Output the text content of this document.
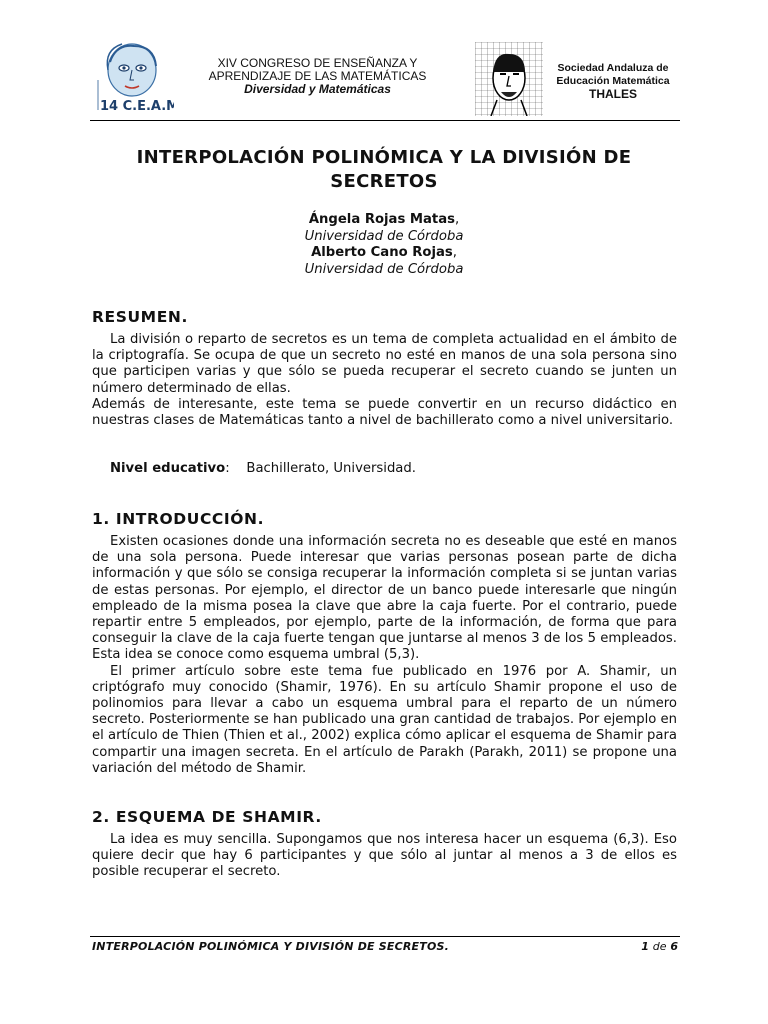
14 C.E.A.M
XIV CONGRESO DE ENSEÑANZA Y
APRENDIZAJE DE LAS MATEMÁTICAS
Diversidad y Matemáticas
Sociedad Andaluza de
Educación Matemática
THALES
INTERPOLACIÓN POLINÓMICA Y LA DIVISIÓN DE
SECRETOS
Ángela Rojas Matas,
Universidad de Córdoba
Alberto Cano Rojas,
Universidad de Córdoba
RESUMEN.

La división o reparto de secretos es un tema de completa actualidad en el ámbito de la criptografía. Se ocupa de que un secreto no esté en manos de una sola persona sino que participen varias y que sólo se pueda recuperar el secreto cuando se junten un número determinado de ellas.

Además de interesante, este tema se puede convertir en un recurso didáctico en nuestras clases de Matemáticas tanto a nivel de bachillerato como a nivel universitario.

Nivel educativo: Bachillerato, Universidad.
1. INTRODUCCIÓN.

Existen ocasiones donde una información secreta no es deseable que esté en manos de una sola persona. Puede interesar que varias personas posean parte de dicha información y que sólo se consiga recuperar la información completa si se juntan varias de estas personas. Por ejemplo, el director de un banco puede interesarle que ningún empleado de la misma posea la clave que abre la caja fuerte. Por el contrario, puede repartir entre 5 empleados, por ejemplo, parte de la información, de forma que para conseguir la clave de la caja fuerte tengan que juntarse al menos 3 de los 5 empleados. Esta idea se conoce como esquema umbral (5,3).

El primer artículo sobre este tema fue publicado en 1976 por A. Shamir, un criptógrafo muy conocido (Shamir, 1976). En su artículo Shamir propone el uso de polinomios para llevar a cabo un esquema umbral para el reparto de un número secreto. Posteriormente se han publicado una gran cantidad de trabajos. Por ejemplo en el artículo de Thien (Thien et al., 2002) explica cómo aplicar el esquema de Shamir para compartir una imagen secreta. En el artículo de Parakh (Parakh, 2011) se propone una variación del método de Shamir.

2. ESQUEMA DE SHAMIR.

La idea es muy sencilla. Supongamos que nos interesa hacer un esquema (6,3). Eso quiere decir que hay 6 participantes y que sólo al juntar al menos a 3 de ellos es posible recuperar el secreto.

INTERPOLACIÓN POLINÓMICA Y DIVISIÓN DE SECRETOS.	1 de 6
